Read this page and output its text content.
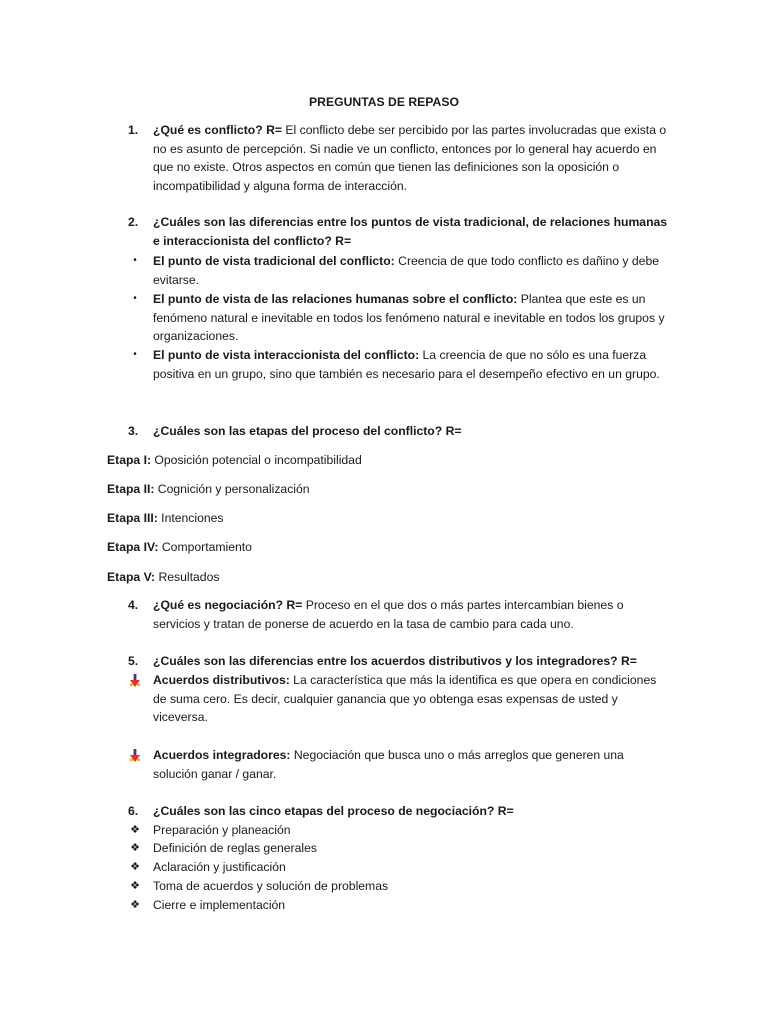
PREGUNTAS DE REPASO
1. ¿Qué es conflicto? R= El conflicto debe ser percibido por las partes involucradas que exista o no es asunto de percepción. Si nadie ve un conflicto, entonces por lo general hay acuerdo en que no existe. Otros aspectos en común que tienen las definiciones son la oposición o incompatibilidad y alguna forma de interacción.
2. ¿Cuáles son las diferencias entre los puntos de vista tradicional, de relaciones humanas e interaccionista del conflicto? R=
•	El punto de vista tradicional del conflicto: Creencia de que todo conflicto es dañino y debe evitarse.
•	El punto de vista de las relaciones humanas sobre el conflicto: Plantea que este es un fenómeno natural e inevitable en todos los fenómeno natural e inevitable en todos los grupos y organizaciones.
•	El punto de vista interaccionista del conflicto: La creencia de que no sólo es una fuerza positiva en un grupo, sino que también es necesario para el desempeño efectivo en un grupo.
3. ¿Cuáles son las etapas del proceso del conflicto? R=
Etapa I: Oposición potencial o incompatibilidad
Etapa II: Cognición y personalización
Etapa III: Intenciones
Etapa IV: Comportamiento
Etapa V: Resultados
4. ¿Qué es negociación? R= Proceso en el que dos o más partes intercambian bienes o servicios y tratan de ponerse de acuerdo en la tasa de cambio para cada uno.
5. ¿Cuáles son las diferencias entre los acuerdos distributivos y los integradores? R=
Acuerdos distributivos: La característica que más la identifica es que opera en condiciones de suma cero. Es decir, cualquier ganancia que yo obtenga esas expensas de usted y viceversa.
Acuerdos integradores: Negociación que busca uno o más arreglos que generen una solución ganar / ganar.
6. ¿Cuáles son las cinco etapas del proceso de negociación? R=
❖ Preparación y planeación
❖ Definición de reglas generales
❖ Aclaración y justificación
❖ Toma de acuerdos y solución de problemas
❖ Cierre e implementación
